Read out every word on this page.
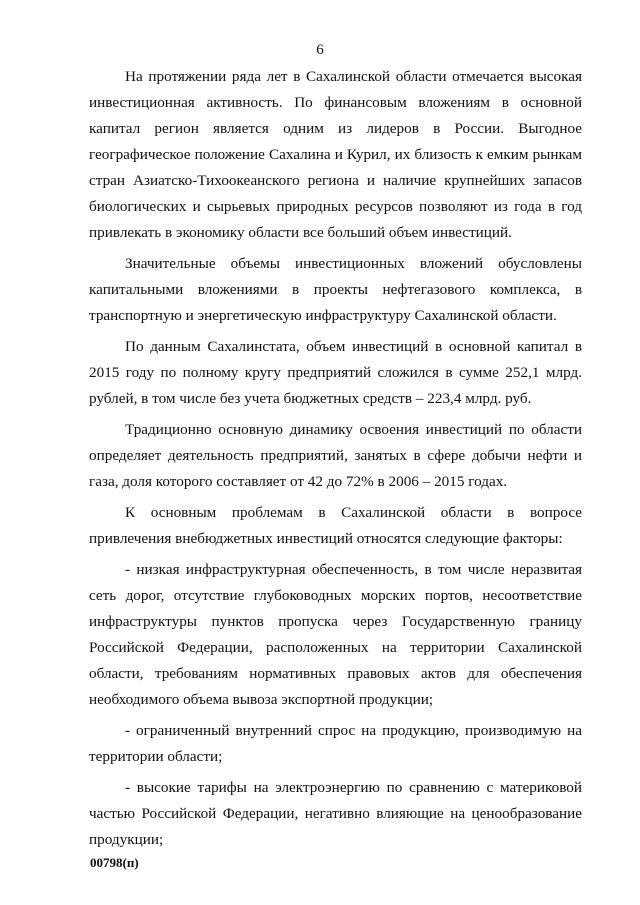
6

На протяжении ряда лет в Сахалинской области отмечается высокая инвестиционная активность. По финансовым вложениям в основной капитал регион является одним из лидеров в России. Выгодное географическое положение Сахалина и Курил, их близость к емким рынкам стран Азиатско-Тихоокеанского региона и наличие крупнейших запасов биологических и сырьевых природных ресурсов позволяют из года в год привлекать в экономику области все больший объем инвестиций.

Значительные объемы инвестиционных вложений обусловлены капитальными вложениями в проекты нефтегазового комплекса, в транспортную и энергетическую инфраструктуру Сахалинской области.

По данным Сахалинстата, объем инвестиций в основной капитал в 2015 году по полному кругу предприятий сложился в сумме 252,1 млрд. рублей, в том числе без учета бюджетных средств – 223,4 млрд. руб.

Традиционно основную динамику освоения инвестиций по области определяет деятельность предприятий, занятых в сфере добычи нефти и газа, доля которого составляет от 42 до 72% в 2006 – 2015 годах.

К основным проблемам в Сахалинской области в вопросе привлечения внебюджетных инвестиций относятся следующие факторы:

- низкая инфраструктурная обеспеченность, в том числе неразвитая сеть дорог, отсутствие глубоководных морских портов, несоответствие инфраструктуры пунктов пропуска через Государственную границу Российской Федерации, расположенных на территории Сахалинской области, требованиям нормативных правовых актов для обеспечения необходимого объема вывоза экспортной продукции;

- ограниченный внутренний спрос на продукцию, производимую на территории области;

- высокие тарифы на электроэнергию по сравнению с материковой частью Российской Федерации, негативно влияющие на ценообразование продукции;

00798(п)
